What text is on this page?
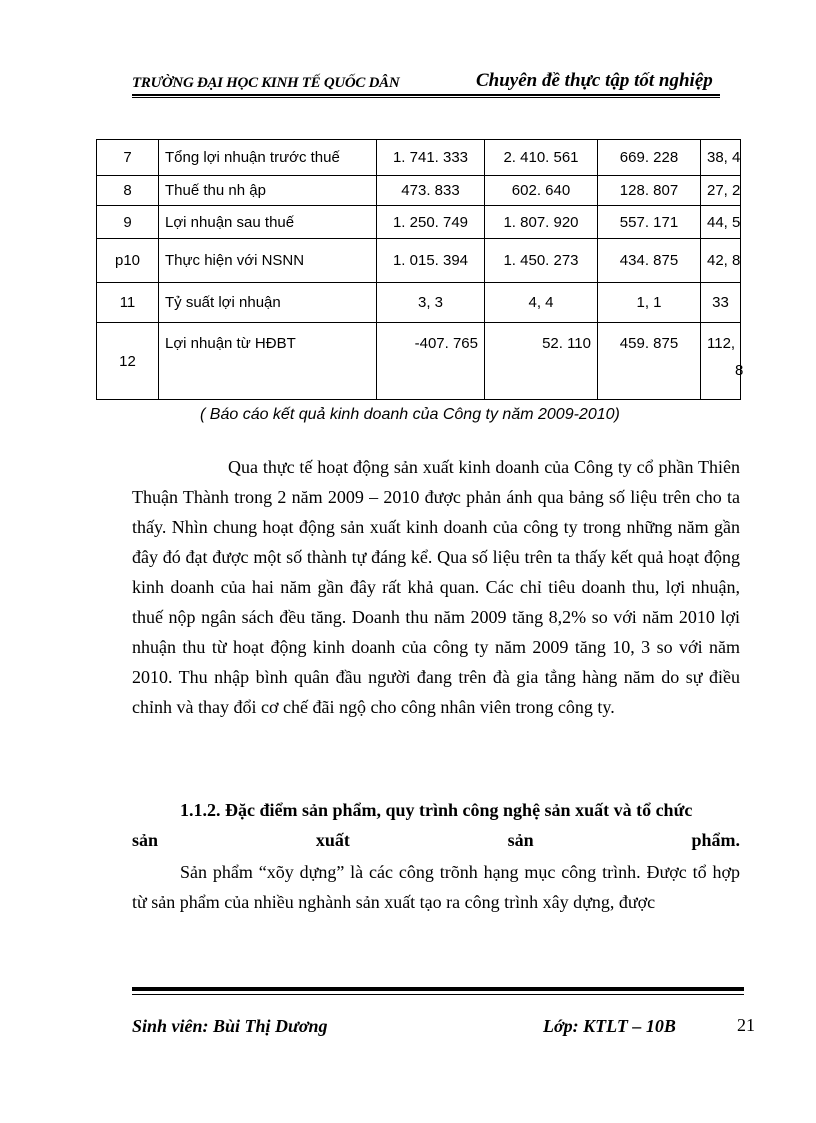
TRƯỜNG ĐẠI HỌC KINH TẾ QUỐC DÂN	Chuyên đề thực tập tốt nghiệp
7	Tổng lợi nhuận trước thuế	1. 741. 333	2. 410. 561	669. 228	38, 4
8	Thuế thu nh ập	473. 833	602. 640	128. 807	27, 2
9	Lợi nhuận sau thuế	1. 250. 749	1. 807. 920	557. 171	44, 5
p10	Thực hiện với NSNN	1. 015. 394	1. 450. 273	434. 875	42, 8
11	Tỷ suất lợi nhuận	3, 3	4, 4	1, 1	33
12	Lợi nhuận từ HĐBT	-407. 765	52. 110	459. 875	112,
8
( Báo cáo kết quả kinh doanh của Công ty năm 2009-2010)

Qua thực tế hoạt động sản xuất kinh doanh của Công ty cổ phần Thiên Thuận Thành trong 2 năm 2009 – 2010 được phản ánh qua bảng số liệu trên cho ta thấy. Nhìn chung hoạt động sản xuất kinh doanh của công ty trong những năm gần đây đó đạt được một số thành tự đáng kể. Qua số liệu trên ta thấy kết quả hoạt động kinh doanh của hai năm gần đây rất khả quan. Các chỉ tiêu doanh thu, lợi nhuận, thuế nộp ngân sách đều tăng. Doanh thu năm 2009 tăng 8,2% so với năm 2010 lợi nhuận thu từ hoạt động kinh doanh của công ty năm 2009 tăng 10, 3 so với năm 2010. Thu nhập bình quân đầu người đang trên đà gia tẳng hàng năm do sự điều chỉnh và thay đổi cơ chế đãi ngộ cho công nhân viên trong công ty.

1.1.2. Đặc điểm sản phẩm, quy trình công nghệ sản xuất và tổ chức
sản	xuất	sản	phẩm.

Sản phẩm “xõy dựng” là các công trõnh hạng mục công trình. Được tổ hợp từ sản phẩm của nhiều nghành sản xuất tạo ra công trình xây dựng, được

Sinh viên: Bùi Thị Dương	Lớp: KTLT – 10B	21
